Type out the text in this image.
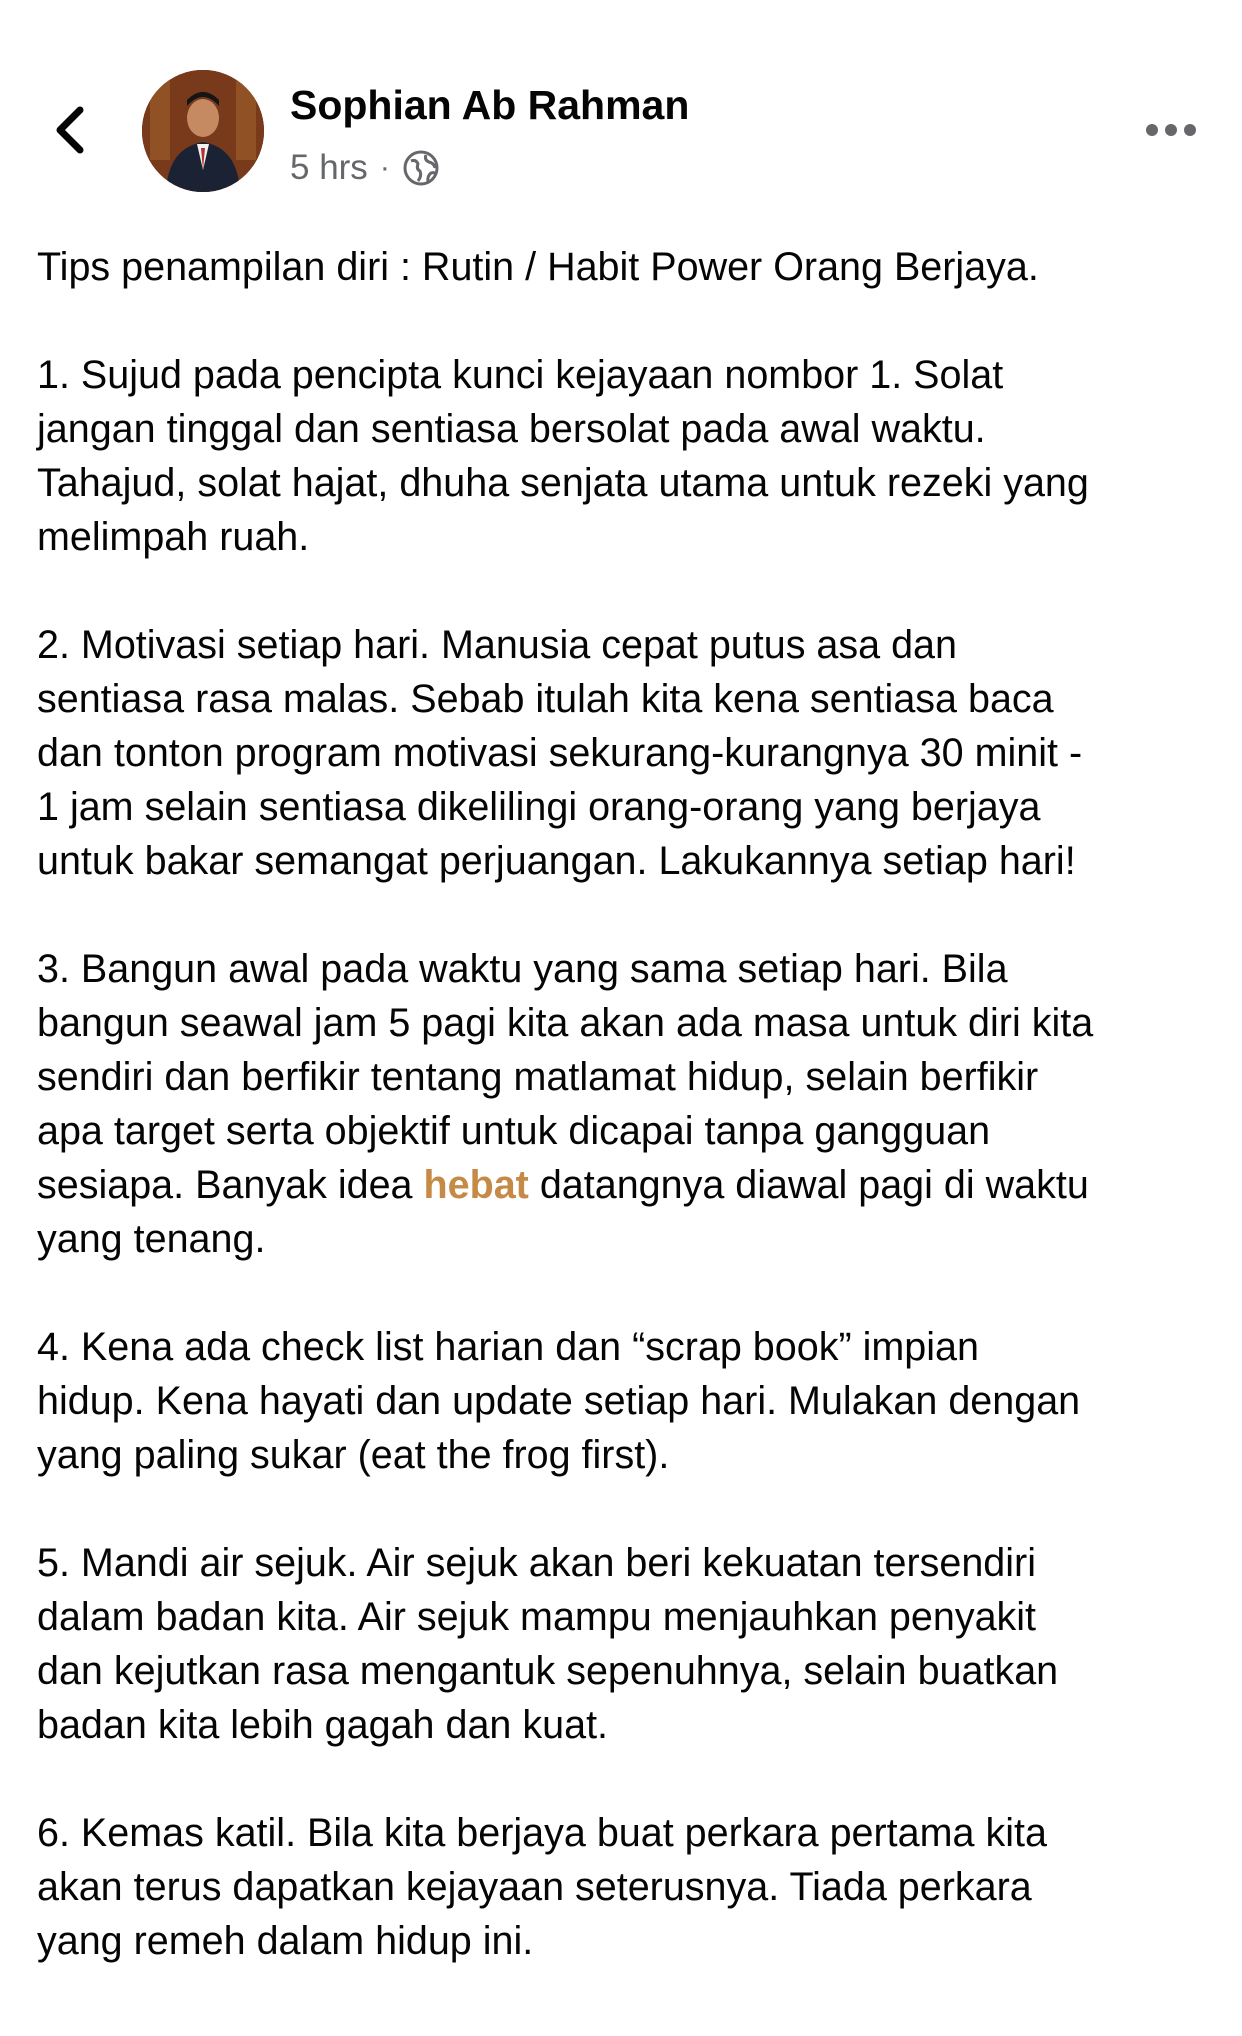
Sophian Ab Rahman
5 hrs ·
Tips penampilan diri : Rutin / Habit Power Orang Berjaya.
1. Sujud pada pencipta kunci kejayaan nombor 1. Solat
jangan tinggal dan sentiasa bersolat pada awal waktu.
Tahajud, solat hajat, dhuha senjata utama untuk rezeki yang
melimpah ruah.
2. Motivasi setiap hari. Manusia cepat putus asa dan
sentiasa rasa malas. Sebab itulah kita kena sentiasa baca
dan tonton program motivasi sekurang-kurangnya 30 minit -
1 jam selain sentiasa dikelilingi orang-orang yang berjaya
untuk bakar semangat perjuangan. Lakukannya setiap hari!
3. Bangun awal pada waktu yang sama setiap hari. Bila
bangun seawal jam 5 pagi kita akan ada masa untuk diri kita
sendiri dan berfikir tentang matlamat hidup, selain berfikir
apa target serta objektif untuk dicapai tanpa gangguan
sesiapa. Banyak idea hebat datangnya diawal pagi di waktu
yang tenang.
4. Kena ada check list harian dan “scrap book” impian
hidup. Kena hayati dan update setiap hari. Mulakan dengan
yang paling sukar (eat the frog first).
5. Mandi air sejuk. Air sejuk akan beri kekuatan tersendiri
dalam badan kita. Air sejuk mampu menjauhkan penyakit
dan kejutkan rasa mengantuk sepenuhnya, selain buatkan
badan kita lebih gagah dan kuat.
6. Kemas katil. Bila kita berjaya buat perkara pertama kita
akan terus dapatkan kejayaan seterusnya. Tiada perkara
yang remeh dalam hidup ini.
